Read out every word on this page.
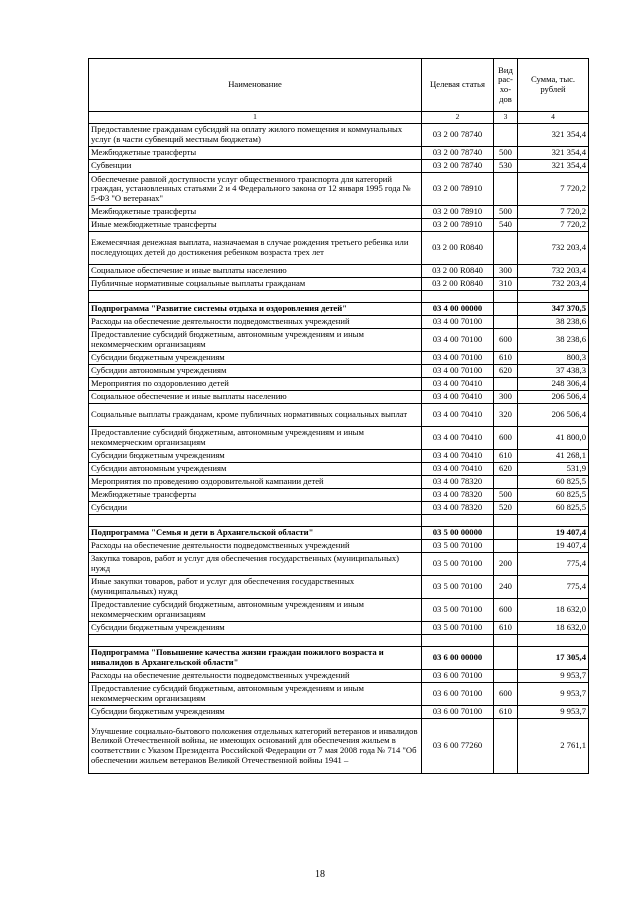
Наименование	Целевая статья	Вид рас-хо-дов	Сумма, тыс. рублей
1	2	3	4
Предоставление гражданам субсидий на оплату жилого помещения и коммунальных услуг (в части субвенций местным бюджетам)	03 2 00 78740		321 354,4
Межбюджетные трансферты	03 2 00 78740	500	321 354,4
Субвенции	03 2 00 78740	530	321 354,4
Обеспечение равной доступности услуг общественного транспорта для категорий граждан, установленных статьями 2 и 4 Федерального закона от 12 января 1995 года № 5-ФЗ "О ветеранах"	03 2 00 78910		7 720,2
Межбюджетные трансферты	03 2 00 78910	500	7 720,2
Иные межбюджетные трансферты	03 2 00 78910	540	7 720,2
Ежемесячная денежная выплата, назначаемая в случае рождения третьего ребенка или последующих детей до достижения ребенком возраста трех лет	03 2 00 R0840		732 203,4
Социальное обеспечение и иные выплаты населению	03 2 00 R0840	300	732 203,4
Публичные нормативные социальные выплаты гражданам	03 2 00 R0840	310	732 203,4

Подпрограмма "Развитие системы отдыха и оздоровления детей"	03 4 00 00000		347 370,5
Расходы на обеспечение деятельности подведомственных учреждений	03 4 00 70100		38 238,6
Предоставление субсидий бюджетным, автономным учреждениям и иным некоммерческим организациям	03 4 00 70100	600	38 238,6
Субсидии бюджетным учреждениям	03 4 00 70100	610	800,3
Субсидии автономным учреждениям	03 4 00 70100	620	37 438,3
Мероприятия по оздоровлению детей	03 4 00 70410		248 306,4
Социальное обеспечение и иные выплаты населению	03 4 00 70410	300	206 506,4
Социальные выплаты гражданам, кроме публичных нормативных социальных выплат	03 4 00 70410	320	206 506,4
Предоставление субсидий бюджетным, автономным учреждениям и иным некоммерческим организациям	03 4 00 70410	600	41 800,0
Субсидии бюджетным учреждениям	03 4 00 70410	610	41 268,1
Субсидии автономным учреждениям	03 4 00 70410	620	531,9
Мероприятия по проведению оздоровительной кампании детей	03 4 00 78320		60 825,5
Межбюджетные трансферты	03 4 00 78320	500	60 825,5
Субсидии	03 4 00 78320	520	60 825,5

Подпрограмма "Семья и дети в Архангельской области"	03 5 00 00000		19 407,4
Расходы на обеспечение деятельности подведомственных учреждений	03 5 00 70100		19 407,4
Закупка товаров, работ и услуг для обеспечения государственных (муниципальных) нужд	03 5 00 70100	200	775,4
Иные закупки товаров, работ и услуг для обеспечения государственных (муниципальных) нужд	03 5 00 70100	240	775,4
Предоставление субсидий бюджетным, автономным учреждениям и иным некоммерческим организациям	03 5 00 70100	600	18 632,0
Субсидии бюджетным учреждениям	03 5 00 70100	610	18 632,0

Подпрограмма "Повышение качества жизни граждан пожилого возраста и инвалидов в Архангельской области"	03 6 00 00000		17 305,4
Расходы на обеспечение деятельности подведомственных учреждений	03 6 00 70100		9 953,7
Предоставление субсидий бюджетным, автономным учреждениям и иным некоммерческим организациям	03 6 00 70100	600	9 953,7
Субсидии бюджетным учреждениям	03 6 00 70100	610	9 953,7
Улучшение социально-бытового положения отдельных категорий ветеранов и инвалидов Великой Отечественной войны, не имеющих оснований для обеспечения жильем в соответствии с Указом Президента Российской Федерации от 7 мая 2008 года № 714 "Об обеспечении жильем ветеранов Великой Отечественной войны 1941 –	03 6 00 77260		2 761,1
18
